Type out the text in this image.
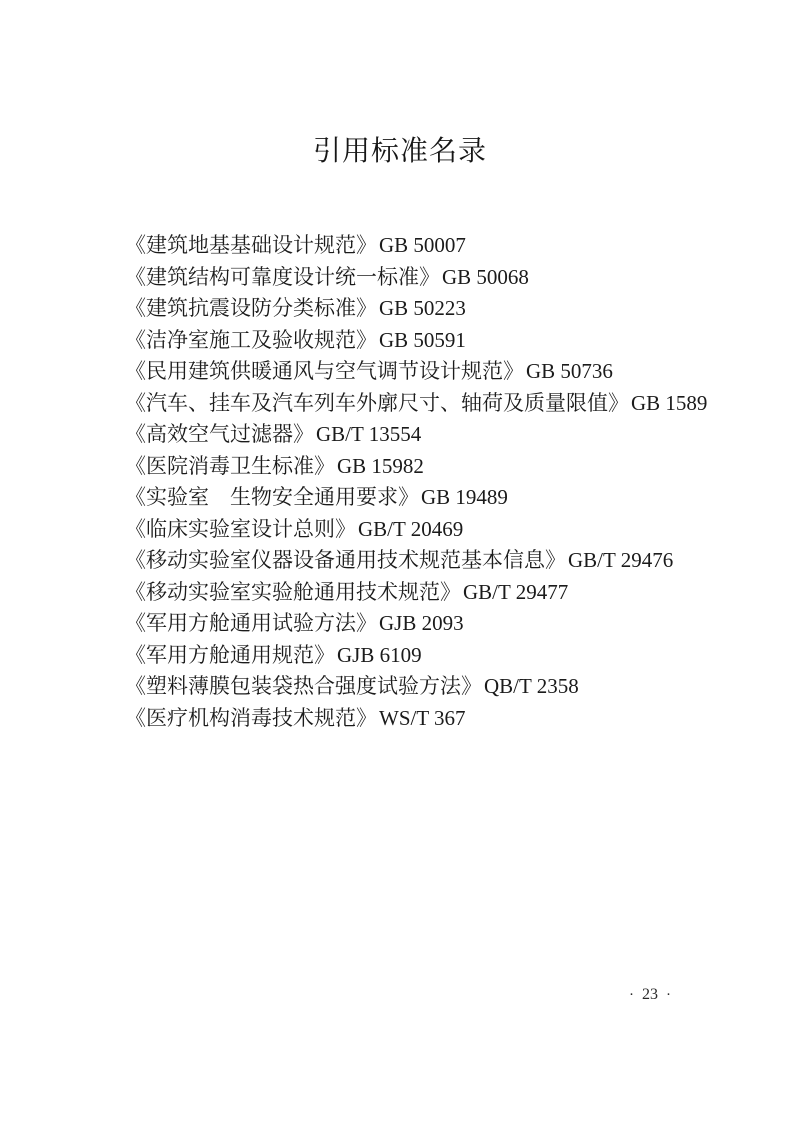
引用标准名录
《建筑地基基础设计规范》GB 50007
《建筑结构可靠度设计统一标准》GB 50068
《建筑抗震设防分类标准》GB 50223
《洁净室施工及验收规范》GB 50591
《民用建筑供暖通风与空气调节设计规范》GB 50736
《汽车、挂车及汽车列车外廓尺寸、轴荷及质量限值》GB 1589
《高效空气过滤器》GB/T 13554
《医院消毒卫生标准》GB 15982
《实验室　生物安全通用要求》GB 19489
《临床实验室设计总则》GB/T 20469
《移动实验室仪器设备通用技术规范基本信息》GB/T 29476
《移动实验室实验舱通用技术规范》GB/T 29477
《军用方舱通用试验方法》GJB 2093
《军用方舱通用规范》GJB 6109
《塑料薄膜包装袋热合强度试验方法》QB/T 2358
《医疗机构消毒技术规范》WS/T 367
· 23 ·
